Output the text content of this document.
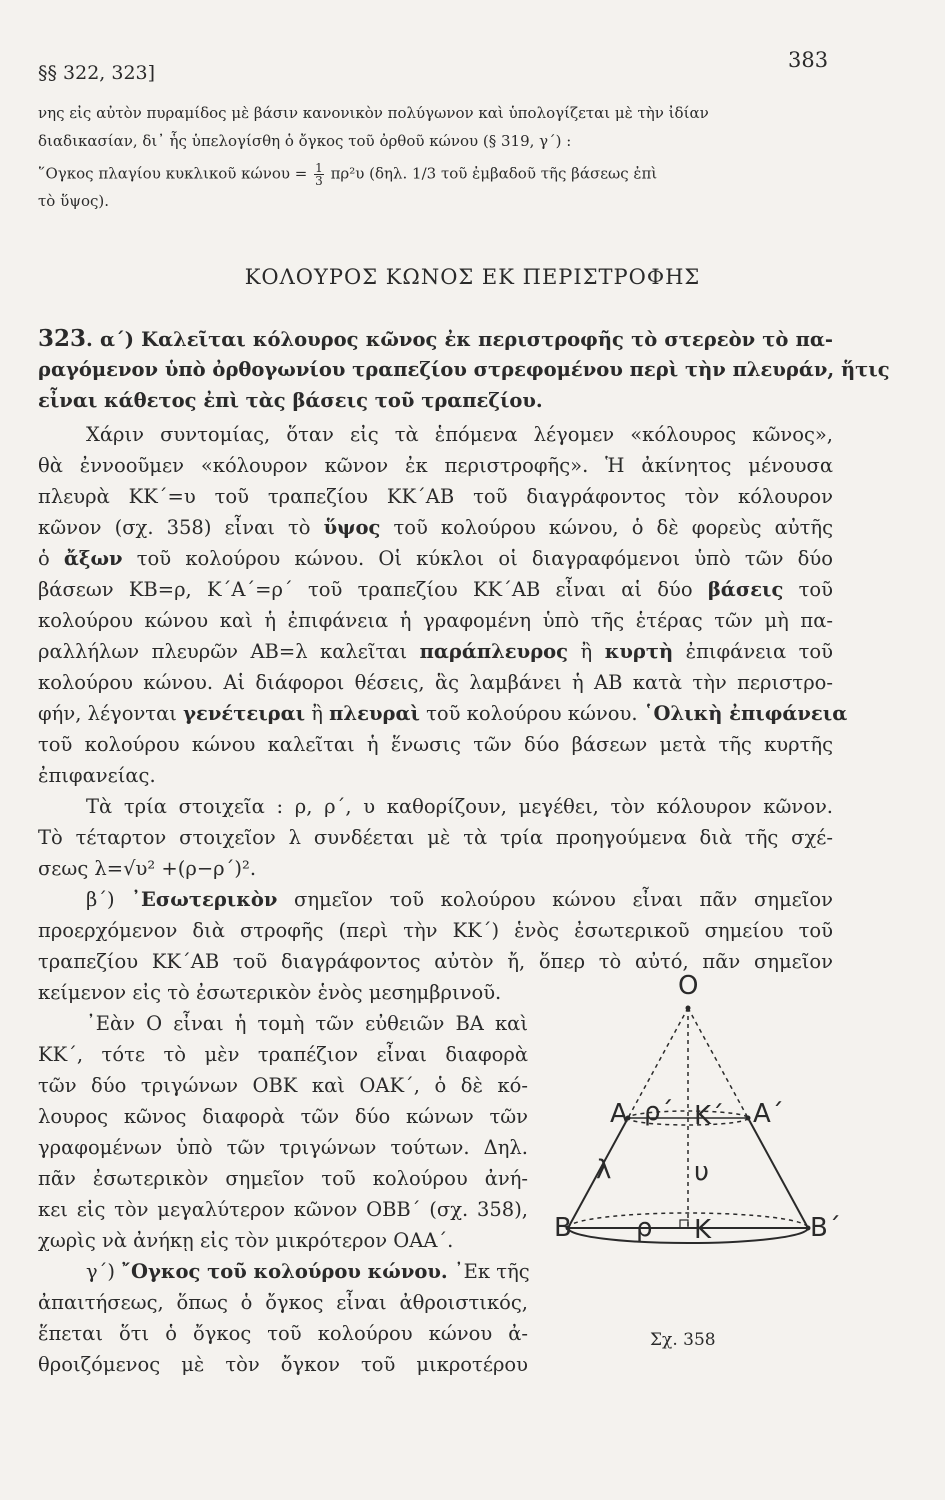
§§ 322, 323]
383
νης εἰς αὐτὸν πυραμίδος μὲ βάσιν κανονικὸν πολύγωνον καὶ ὑπολογίζεται μὲ τὴν ἰδίαν
διαδικασίαν, δι᾽ ἧς ὑπελογίσθη ὁ ὄγκος τοῦ ὀρθοῦ κώνου (§ 319, γ΄) :
῞Ογκος πλαγίου κυκλικοῦ $\kappa ώ\nu o\upsilon = \frac{1}{3} \pi\rho^2\upsilon$ (δηλ. 1/3 τοῦ ἐμβαδοῦ τῆς βάσεως ἐπὶ
τὸ ὕψος).
ΚΟΛΟΥΡΟΣ ΚΩΝΟΣ ΕΚ ΠΕΡΙΣΤΡΟΦΗΣ
323. α΄) Καλεῖται κόλουρος κῶνος ἐκ περιστροφῆς τὸ στερεὸν τὸ πα-
ραγόμενον ὑπὸ ὀρθογωνίου τραπεζίου στρεφομένου περὶ τὴν πλευράν, ἥτις
εἶναι κάθετος ἐπὶ τὰς βάσεις τοῦ τραπεζίου.
Χάριν συντομίας, ὅταν εἰς τὰ ἑπόμενα λέγομεν «κόλουρος κῶνος»,
θὰ ἐννοοῦμεν «κόλουρον κῶνον ἐκ περιστροφῆς». Ἡ ἀκίνητος μένουσα
πλευρὰ ΚΚ΄=υ τοῦ τραπεζίου ΚΚ΄ΑΒ τοῦ διαγράφοντος τὸν κόλουρον
κῶνον (σχ. 358) εἶναι τὸ ὕψος τοῦ κολούρου κώνου, ὁ δὲ φορεὺς αὐτῆς
ὁ ἄξων τοῦ κολούρου κώνου. Οἱ κύκλοι οἱ διαγραφόμενοι ὑπὸ τῶν δύο
βάσεων ΚΒ=ρ, Κ΄Α΄=ρ΄ τοῦ τραπεζίου ΚΚ΄ΑΒ εἶναι αἱ δύο βάσεις τοῦ
κολούρου κώνου καὶ ἡ ἐπιφάνεια ἡ γραφομένη ὑπὸ τῆς ἑτέρας τῶν μὴ πα-
ραλλήλων πλευρῶν ΑΒ=λ καλεῖται παράπλευρος ἢ κυρτὴ ἐπιφάνεια τοῦ
κολούρου κώνου. Αἱ διάφοροι θέσεις, ἃς λαμβάνει ἡ ΑΒ κατὰ τὴν περιστρο-
φήν, λέγονται γενέτειραι ἢ πλευραὶ τοῦ κολούρου κώνου. ῾Ολικὴ ἐπιφάνεια
τοῦ κολούρου κώνου καλεῖται ἡ ἕνωσις τῶν δύο βάσεων μετὰ τῆς κυρτῆς
ἐπιφανείας.
Τὰ τρία στοιχεῖα : ρ, ρ΄, υ καθορίζουν, μεγέθει, τὸν κόλουρον κῶνον.
Τὸ τέταρτον στοιχεῖον λ συνδέεται μὲ τὰ τρία προηγούμενα διὰ τῆς σχέ-
σεως λ=√υ² +(ρ−ρ΄)².
β΄) ᾽Εσωτερικὸν σημεῖον τοῦ κολούρου κώνου εἶναι πᾶν σημεῖον
προερχόμενον διὰ στροφῆς (περὶ τὴν ΚΚ΄) ἑνὸς ἐσωτερικοῦ σημείου τοῦ
τραπεζίου ΚΚ΄ΑΒ τοῦ διαγράφοντος αὐτὸν ἤ, ὅπερ τὸ αὐτό, πᾶν σημεῖον
κείμενον εἰς τὸ ἐσωτερικὸν ἑνὸς μεσημβρινοῦ.
᾽Εὰν Ο εἶναι ἡ τομὴ τῶν εὐθειῶν ΒΑ καὶ
ΚΚ΄, τότε τὸ μὲν τραπέζιον εἶναι διαφορὰ
τῶν δύο τριγώνων ΟΒΚ καὶ ΟΑΚ΄, ὁ δὲ κό-
λουρος κῶνος διαφορὰ τῶν δύο κώνων τῶν
γραφομένων ὑπὸ τῶν τριγώνων τούτων. Δηλ.
πᾶν ἐσωτερικὸν σημεῖον τοῦ κολούρου ἀνή-
κει εἰς τὸν μεγαλύτερον κῶνον ΟΒΒ΄ (σχ. 358),
χωρὶς νὰ ἀνήκῃ εἰς τὸν μικρότερον ΟΑΑ΄.
γ΄) ῎Ογκος τοῦ κολούρου κώνου. ᾽Εκ τῆς
ἀπαιτήσεως, ὅπως ὁ ὄγκος εἶναι ἀθροιστικός,
ἕπεται ὅτι ὁ ὄγκος τοῦ κολούρου κώνου ἀ-
θροιζόμενος μὲ τὸν ὄγκον τοῦ μικροτέρου
O
A ρ΄ K΄ A΄
λ	υ
B ρ K	B΄
Σχ. 358
